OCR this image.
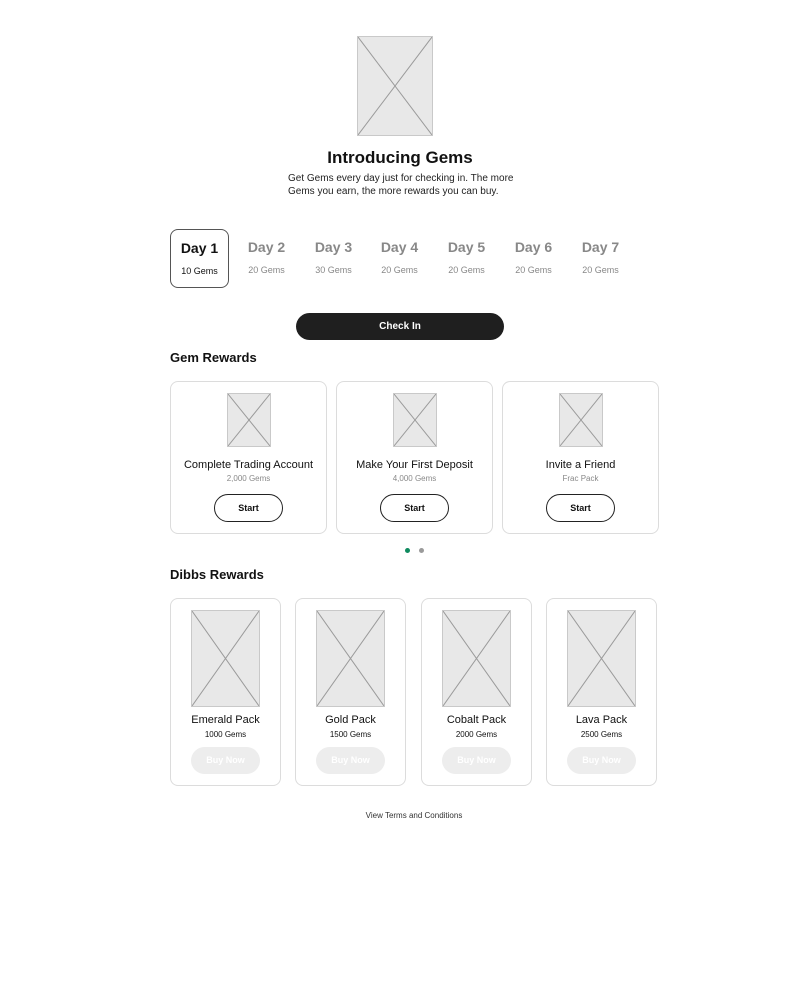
Introducing Gems
Get Gems every day just for checking in. The more Gems you earn, the more rewards you can buy.
Day 1
10 Gems
Day 2
20 Gems
Day 3
30 Gems
Day 4
20 Gems
Day 5
20 Gems
Day 6
20 Gems
Day 7
20 Gems
Check In
Gem Rewards
Complete Trading Account
2,000 Gems
Start
Make Your First Deposit
4,000 Gems
Start
Invite a Friend
Frac Pack
Start
Dibbs Rewards
Emerald Pack
1000 Gems
Buy Now
Gold Pack
1500 Gems
Buy Now
Cobalt Pack
2000 Gems
Buy Now
Lava Pack
2500 Gems
Buy Now
View Terms and Conditions
